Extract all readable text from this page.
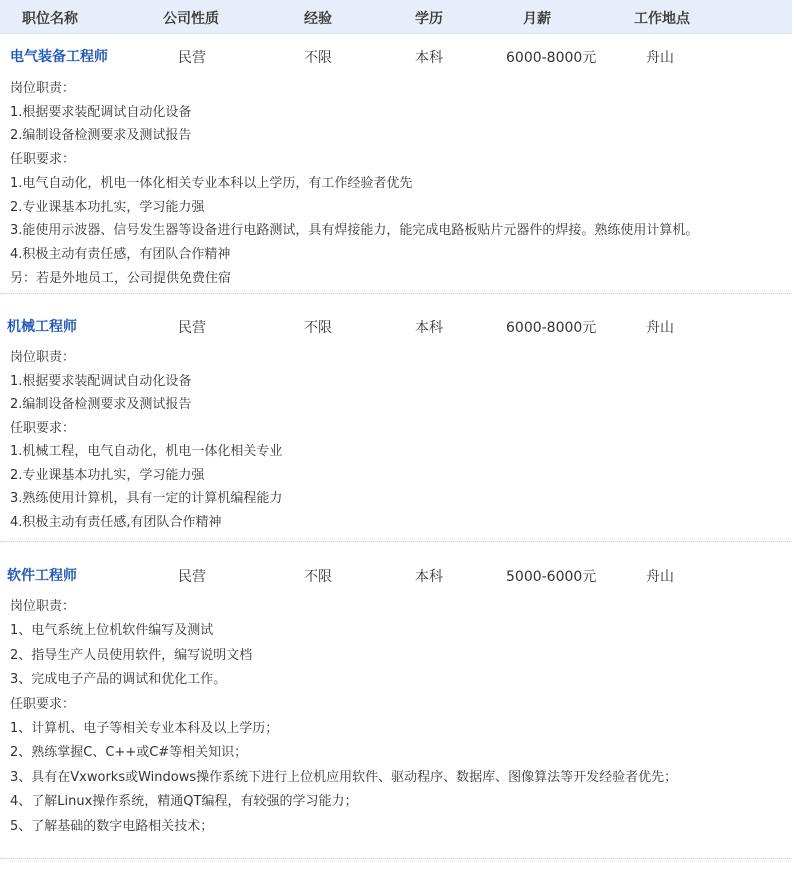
职位名称	公司性质	经验	学历	月薪	工作地点
电气装备工程师	民营	不限	本科	6000-8000元	舟山
岗位职责：
1.根据要求装配调试自动化设备
2.编制设备检测要求及测试报告
任职要求：
1.电气自动化，机电一体化相关专业本科以上学历，有工作经验者优先
2.专业课基本功扎实，学习能力强
3.能使用示波器、信号发生器等设备进行电路测试，具有焊接能力，能完成电路板贴片元器件的焊接。熟练使用计算机。
4.积极主动有责任感，有团队合作精神
另：若是外地员工，公司提供免费住宿
机械工程师	民营	不限	本科	6000-8000元	舟山
岗位职责：
1.根据要求装配调试自动化设备
2.编制设备检测要求及测试报告
任职要求：
1.机械工程，电气自动化，机电一体化相关专业
2.专业课基本功扎实，学习能力强
3.熟练使用计算机，具有一定的计算机编程能力
4.积极主动有责任感,有团队合作精神
软件工程师	民营	不限	本科	5000-6000元	舟山
岗位职责：
1、电气系统上位机软件编写及测试
2、指导生产人员使用软件，编写说明文档
3、完成电子产品的调试和优化工作。
任职要求：
1、计算机、电子等相关专业本科及以上学历；
2、熟练掌握C、C++或C#等相关知识；
3、具有在Vxworks或Windows操作系统下进行上位机应用软件、驱动程序、数据库、图像算法等开发经验者优先；
4、了解Linux操作系统，精通QT编程，有较强的学习能力；
5、了解基础的数字电路相关技术；
